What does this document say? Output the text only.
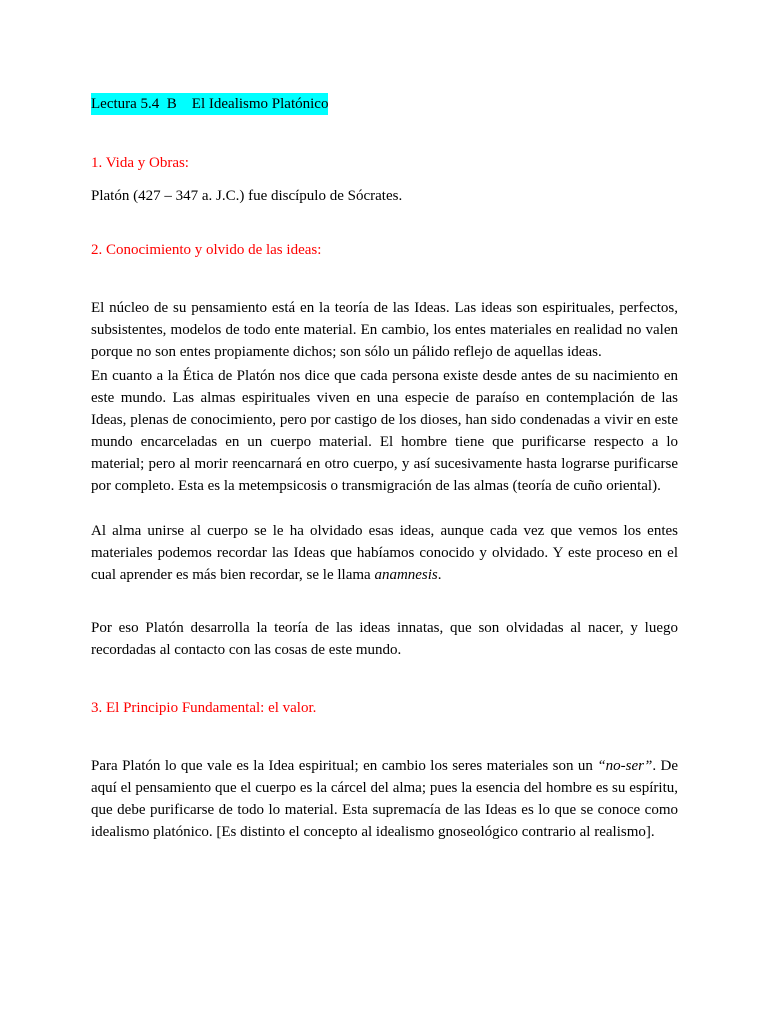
Lectura 5.4  B    El Idealismo Platónico

1. Vida y Obras:

Platón (427 – 347 a. J.C.) fue discípulo de Sócrates.

2. Conocimiento y olvido de las ideas:

El núcleo de su pensamiento está en la teoría de las Ideas. Las ideas son espirituales, perfectos, subsistentes, modelos de todo ente material. En cambio, los entes materiales en realidad no valen porque no son entes propiamente dichos; son sólo un pálido reflejo de aquellas ideas.

En cuanto a la Ética de Platón nos dice que cada persona existe desde antes de su nacimiento en este mundo. Las almas espirituales viven en una especie de paraíso en contemplación de las Ideas, plenas de conocimiento, pero por castigo de los dioses, han sido condenadas a vivir en este mundo encarceladas en un cuerpo material. El hombre tiene que purificarse respecto a lo material; pero al morir reencarnará en otro cuerpo, y así sucesivamente hasta lograrse purificarse por completo. Esta es la metempsicosis o transmigración de las almas (teoría de cuño oriental).

Al alma unirse al cuerpo se le ha olvidado esas ideas, aunque cada vez que vemos los entes materiales podemos recordar las Ideas que habíamos conocido y olvidado. Y este proceso en el cual aprender es más bien recordar, se le llama anamnesis.

Por eso Platón desarrolla la teoría de las ideas innatas, que son olvidadas al nacer, y luego recordadas al contacto con las cosas de este mundo.

3. El Principio Fundamental: el valor.

Para Platón lo que vale es la Idea espiritual; en cambio los seres materiales son un “no-ser”. De aquí el pensamiento que el cuerpo es la cárcel del alma; pues la esencia del hombre es su espíritu, que debe purificarse de todo lo material. Esta supremacía de las Ideas es lo que se conoce como idealismo platónico. [Es distinto el concepto al idealismo gnoseológico contrario al realismo].
